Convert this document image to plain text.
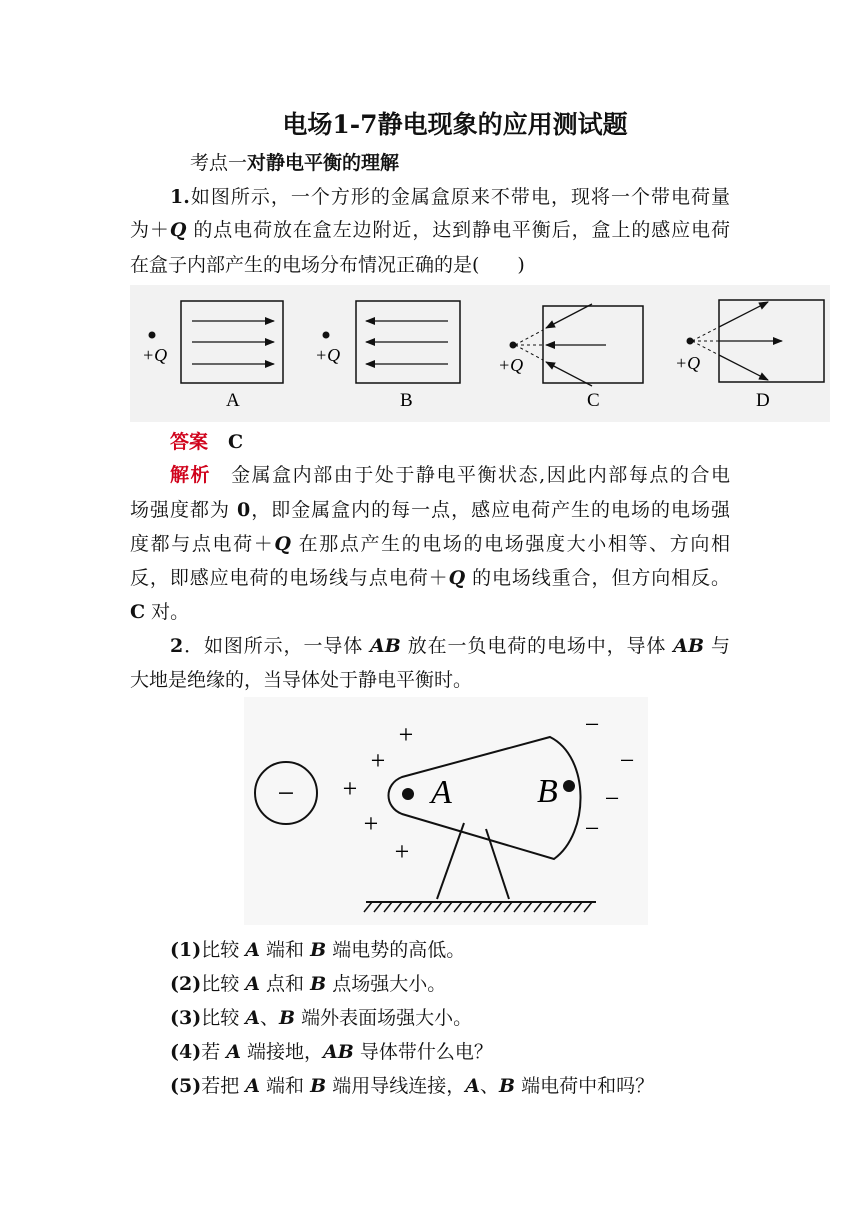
电场1-7静电现象的应用测试题
考点一对静电平衡的理解
1.如图所示，一个方形的金属盒原来不带电，现将一个带电荷量
为＋Q 的点电荷放在盒左边附近，达到静电平衡后，盒上的感应电荷
在盒子内部产生的电场分布情况正确的是(　　)
+Q
A
+Q
B
+Q
C
+Q
D
答案 C
解析 金属盒内部由于处于静电平衡状态,因此内部每点的合电
场强度都为 0，即金属盒内的每一点，感应电荷产生的电场的电场强
度都与点电荷＋Q 在那点产生的电场的电场强度大小相等、方向相
反，即感应电荷的电场线与点电荷＋Q 的电场线重合，但方向相反。
C 对。
2．如图所示，一导体 AB 放在一负电荷的电场中，导体 AB 与
大地是绝缘的，当导体处于静电平衡时。
−
+
+
+
+
+
−
−
−
−
A	B
(1)比较 A 端和 B 端电势的高低。
(2)比较 A 点和 B 点场强大小。
(3)比较 A、B 端外表面场强大小。
(4)若 A 端接地，AB 导体带什么电？
(5)若把 A 端和 B 端用导线连接，A、B 端电荷中和吗？
